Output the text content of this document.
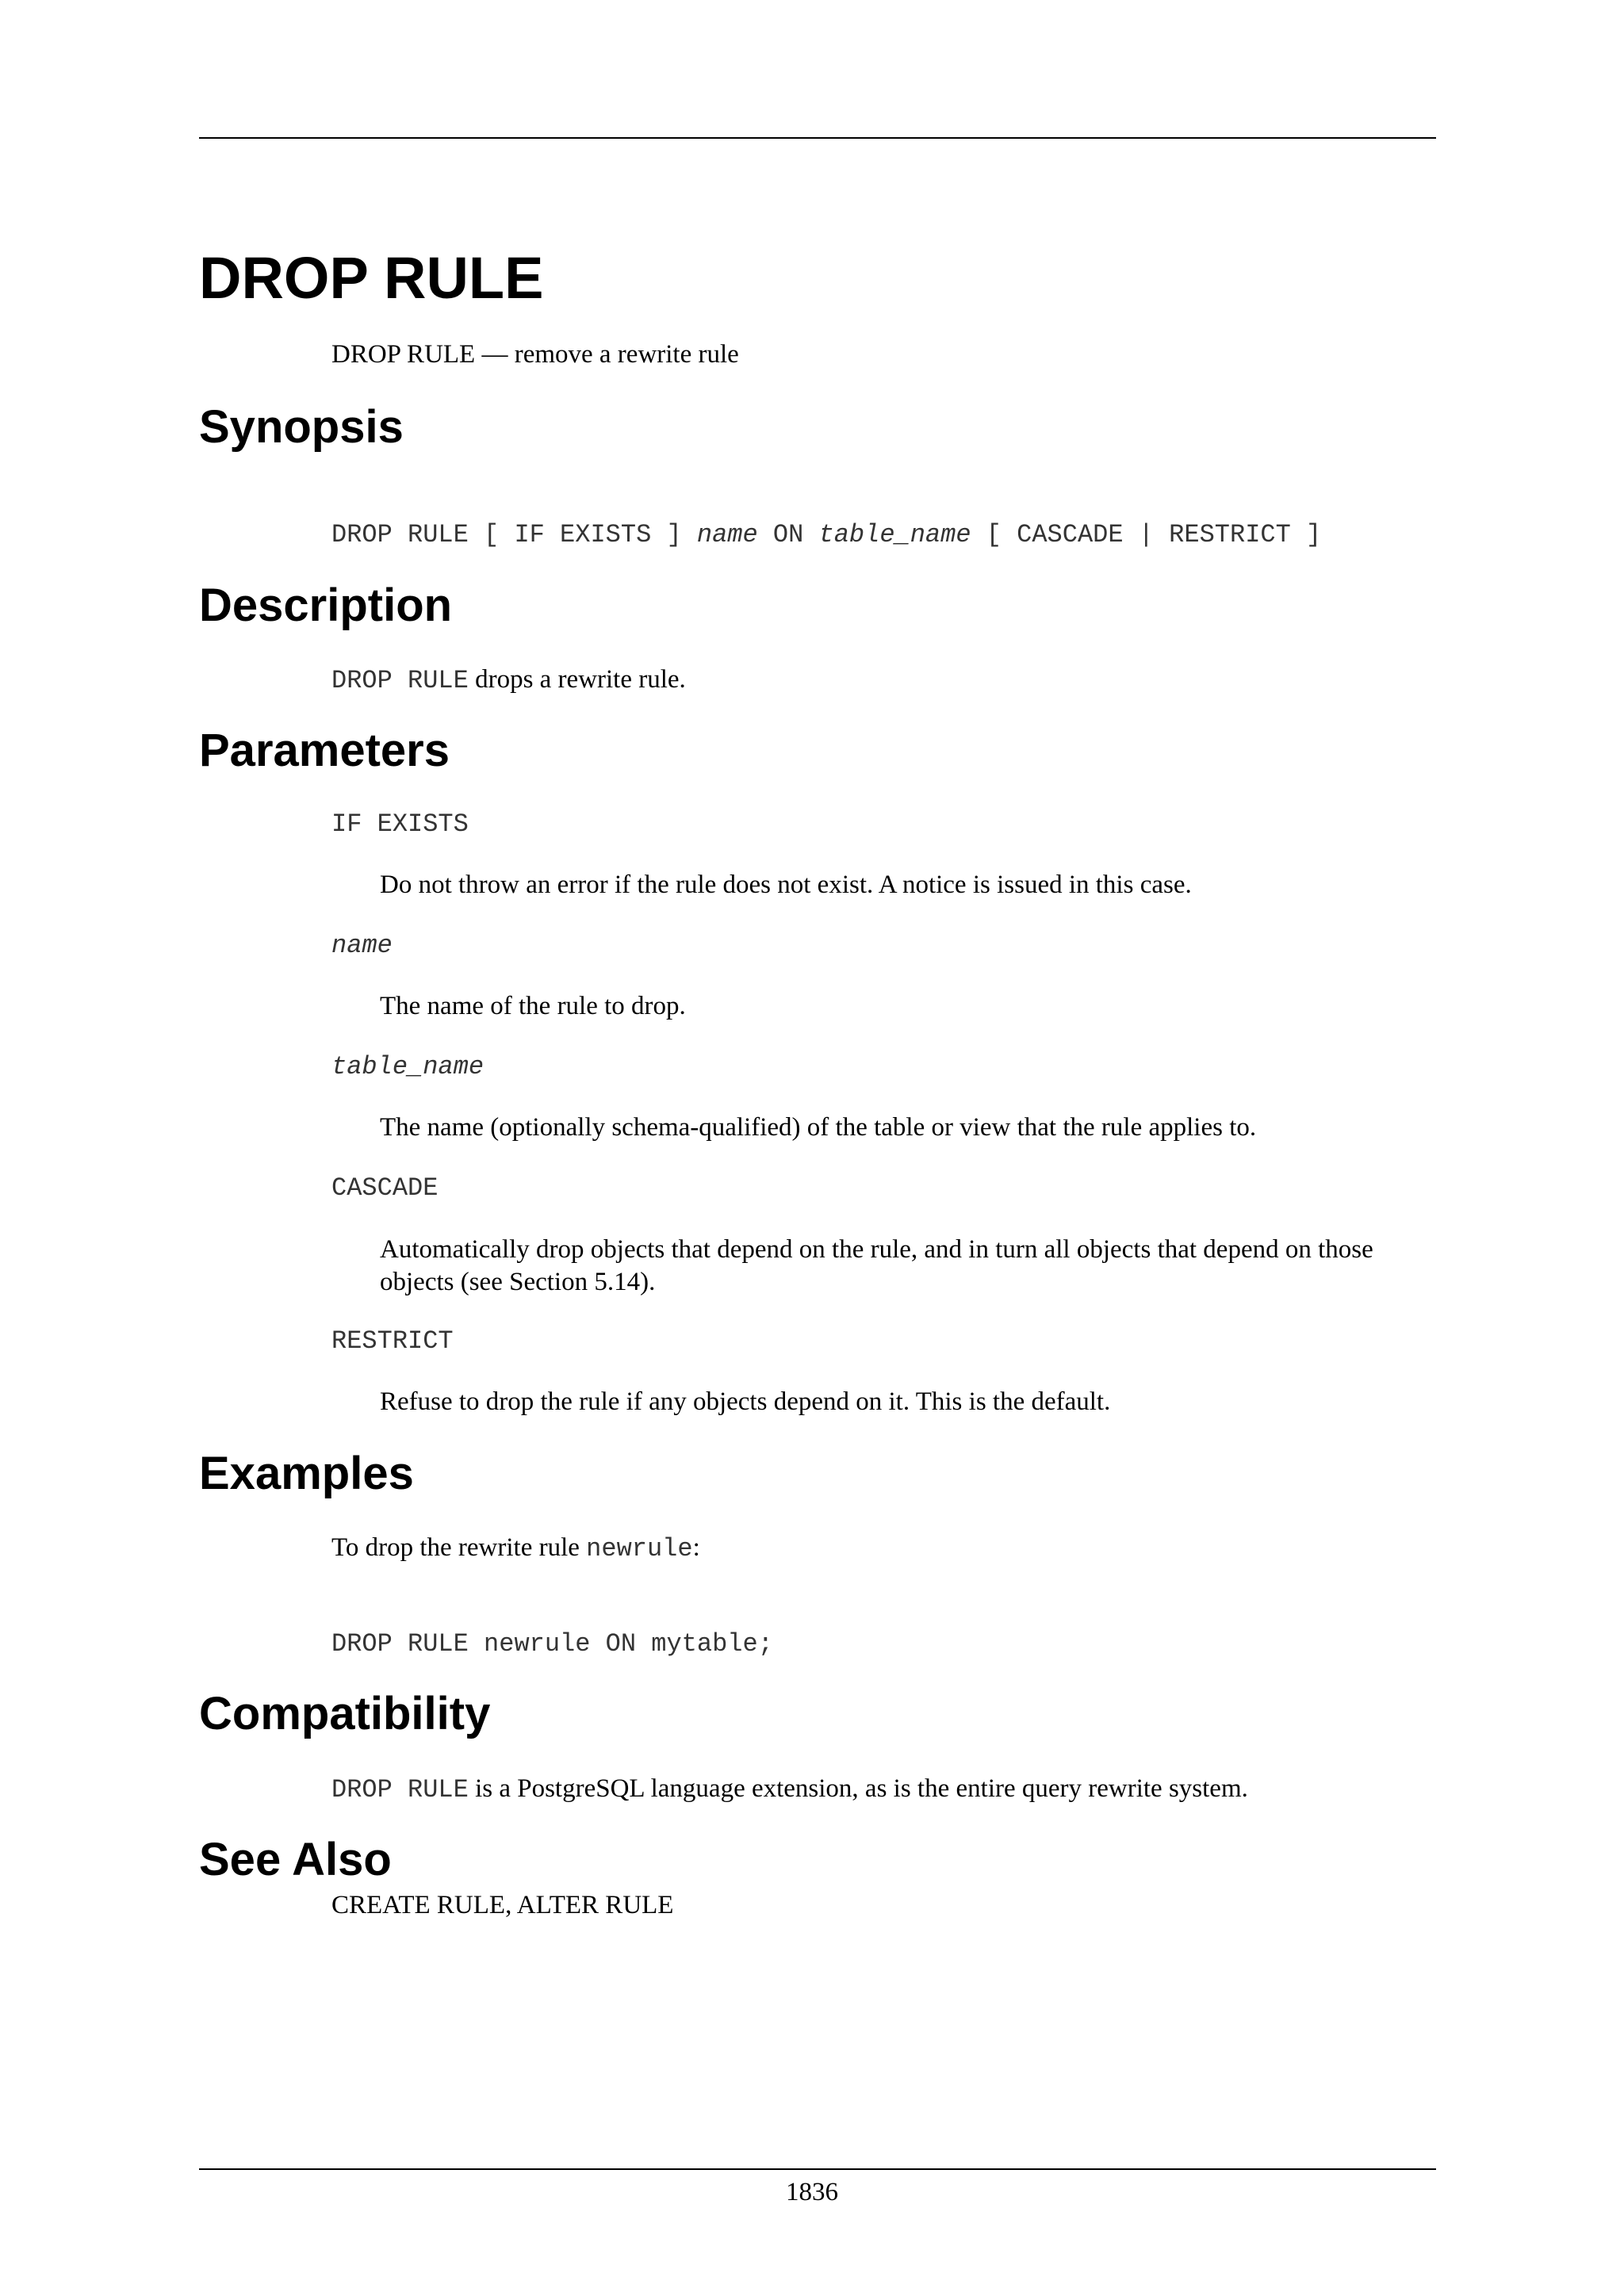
DROP RULE
DROP RULE — remove a rewrite rule
Synopsis
DROP RULE [ IF EXISTS ] name ON table_name [ CASCADE | RESTRICT ]
Description
DROP RULE drops a rewrite rule.
Parameters
IF EXISTS
Do not throw an error if the rule does not exist. A notice is issued in this case.
name
The name of the rule to drop.
table_name
The name (optionally schema-qualified) of the table or view that the rule applies to.
CASCADE
Automatically drop objects that depend on the rule, and in turn all objects that depend on those objects (see Section 5.14).
RESTRICT
Refuse to drop the rule if any objects depend on it. This is the default.
Examples
To drop the rewrite rule newrule:
DROP RULE newrule ON mytable;
Compatibility
DROP RULE is a PostgreSQL language extension, as is the entire query rewrite system.
See Also
CREATE RULE, ALTER RULE
1836
